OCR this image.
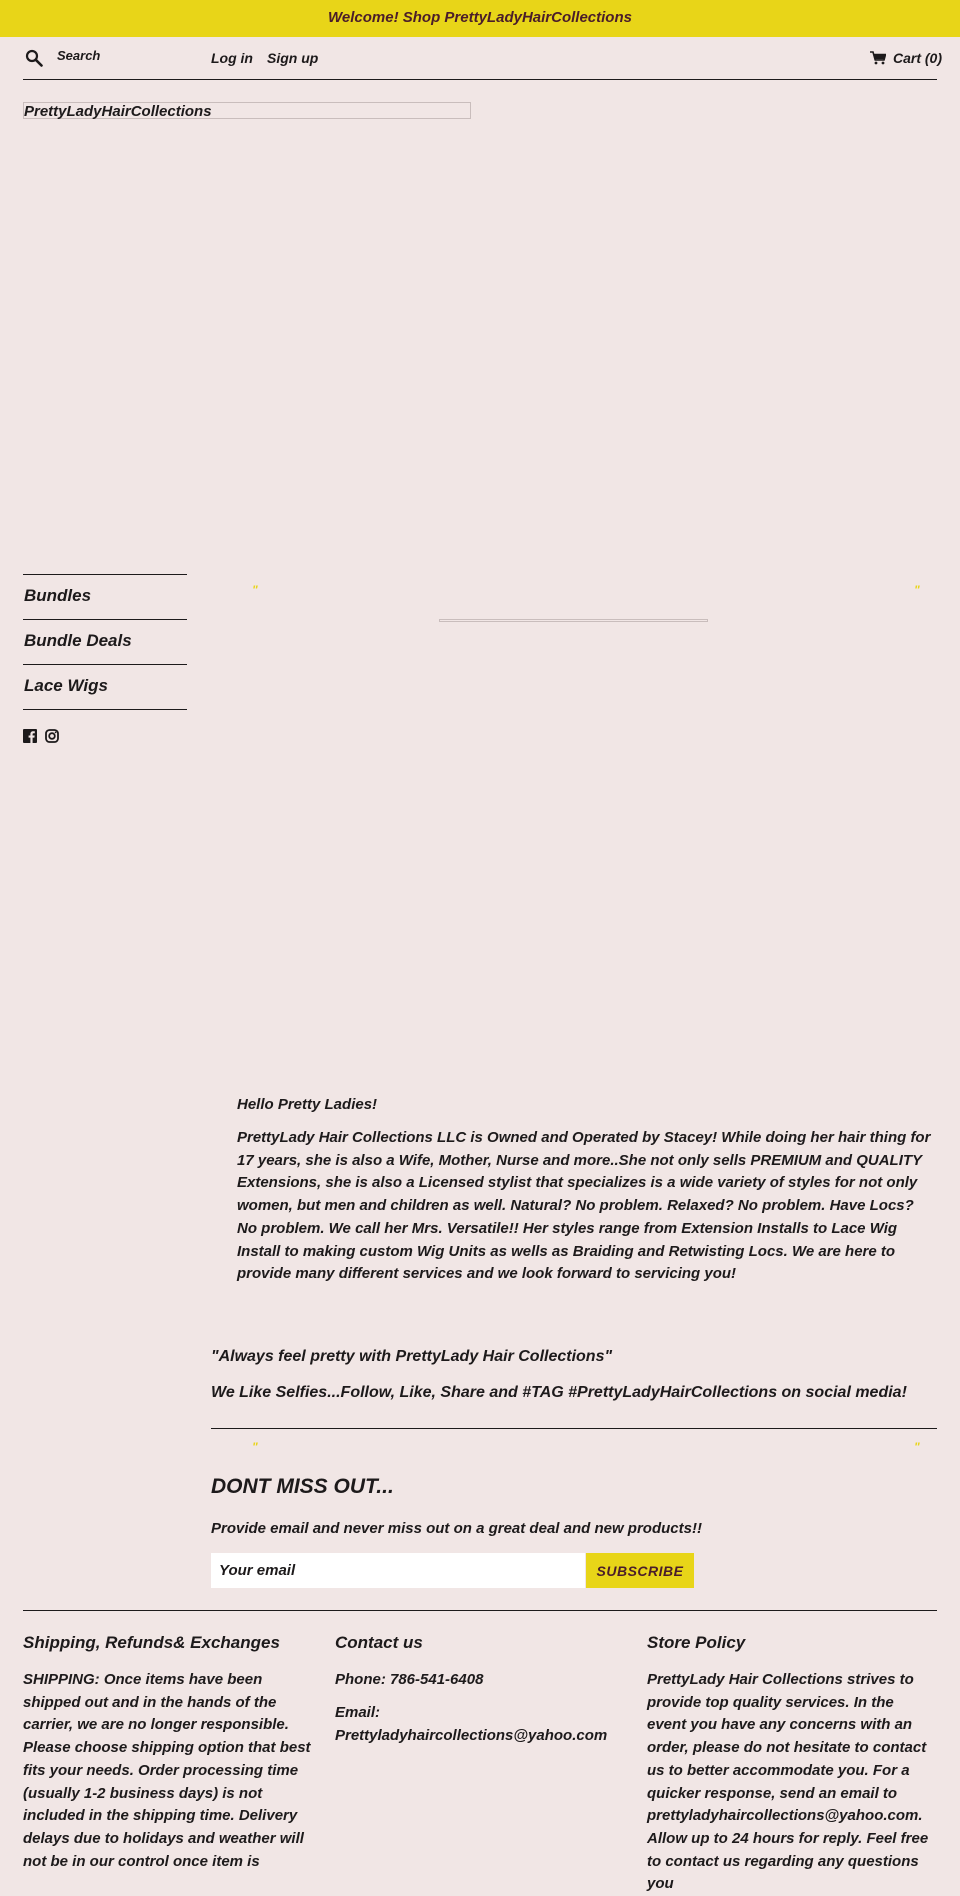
Welcome! Shop PrettyLadyHairCollections
Search	Log in Sign up	Cart (0)
PrettyLadyHairCollections
Bundles
Bundle Deals
Lace Wigs
"	"

Hello Pretty Ladies!

PrettyLady Hair Collections LLC is Owned and Operated by Stacey! While doing her hair thing for 17 years, she is also a Wife, Mother, Nurse and more..She not only sells PREMIUM and QUALITY Extensions, she is also a Licensed stylist that specializes is a wide variety of styles for not only women, but men and children as well. Natural? No problem. Relaxed? No problem. Have Locs? No problem. We call her Mrs. Versatile!! Her styles range from Extension Installs to Lace Wig Install to making custom Wig Units as wells as Braiding and Retwisting Locs. We are here to provide many different services and we look forward to servicing you!

"Always feel pretty with PrettyLady Hair Collections"
We Like Selfies...Follow, Like, Share and #TAG #PrettyLadyHairCollections on social media!
"	"
DONT MISS OUT...
Provide email and never miss out on a great deal and new products!!
Your email
SUBSCRIBE
Shipping, Refunds& Exchanges

SHIPPING: Once items have been shipped out and in the hands of the carrier, we are no longer responsible. Please choose shipping option that best fits your needs. Order processing time (usually 1-2 business days) is not included in the shipping time. Delivery delays due to holidays and weather will not be in our control once item is

Contact us

Phone: 786-541-6408

Email:

Prettyladyhaircollections@yahoo.com

Store Policy

PrettyLady Hair Collections strives to provide top quality services. In the event you have any concerns with an order, please do not hesitate to contact us to better accommodate you. For a quicker response, send an email to prettyladyhaircollections@yahoo.com. Allow up to 24 hours for reply. Feel free to contact us regarding any questions you
